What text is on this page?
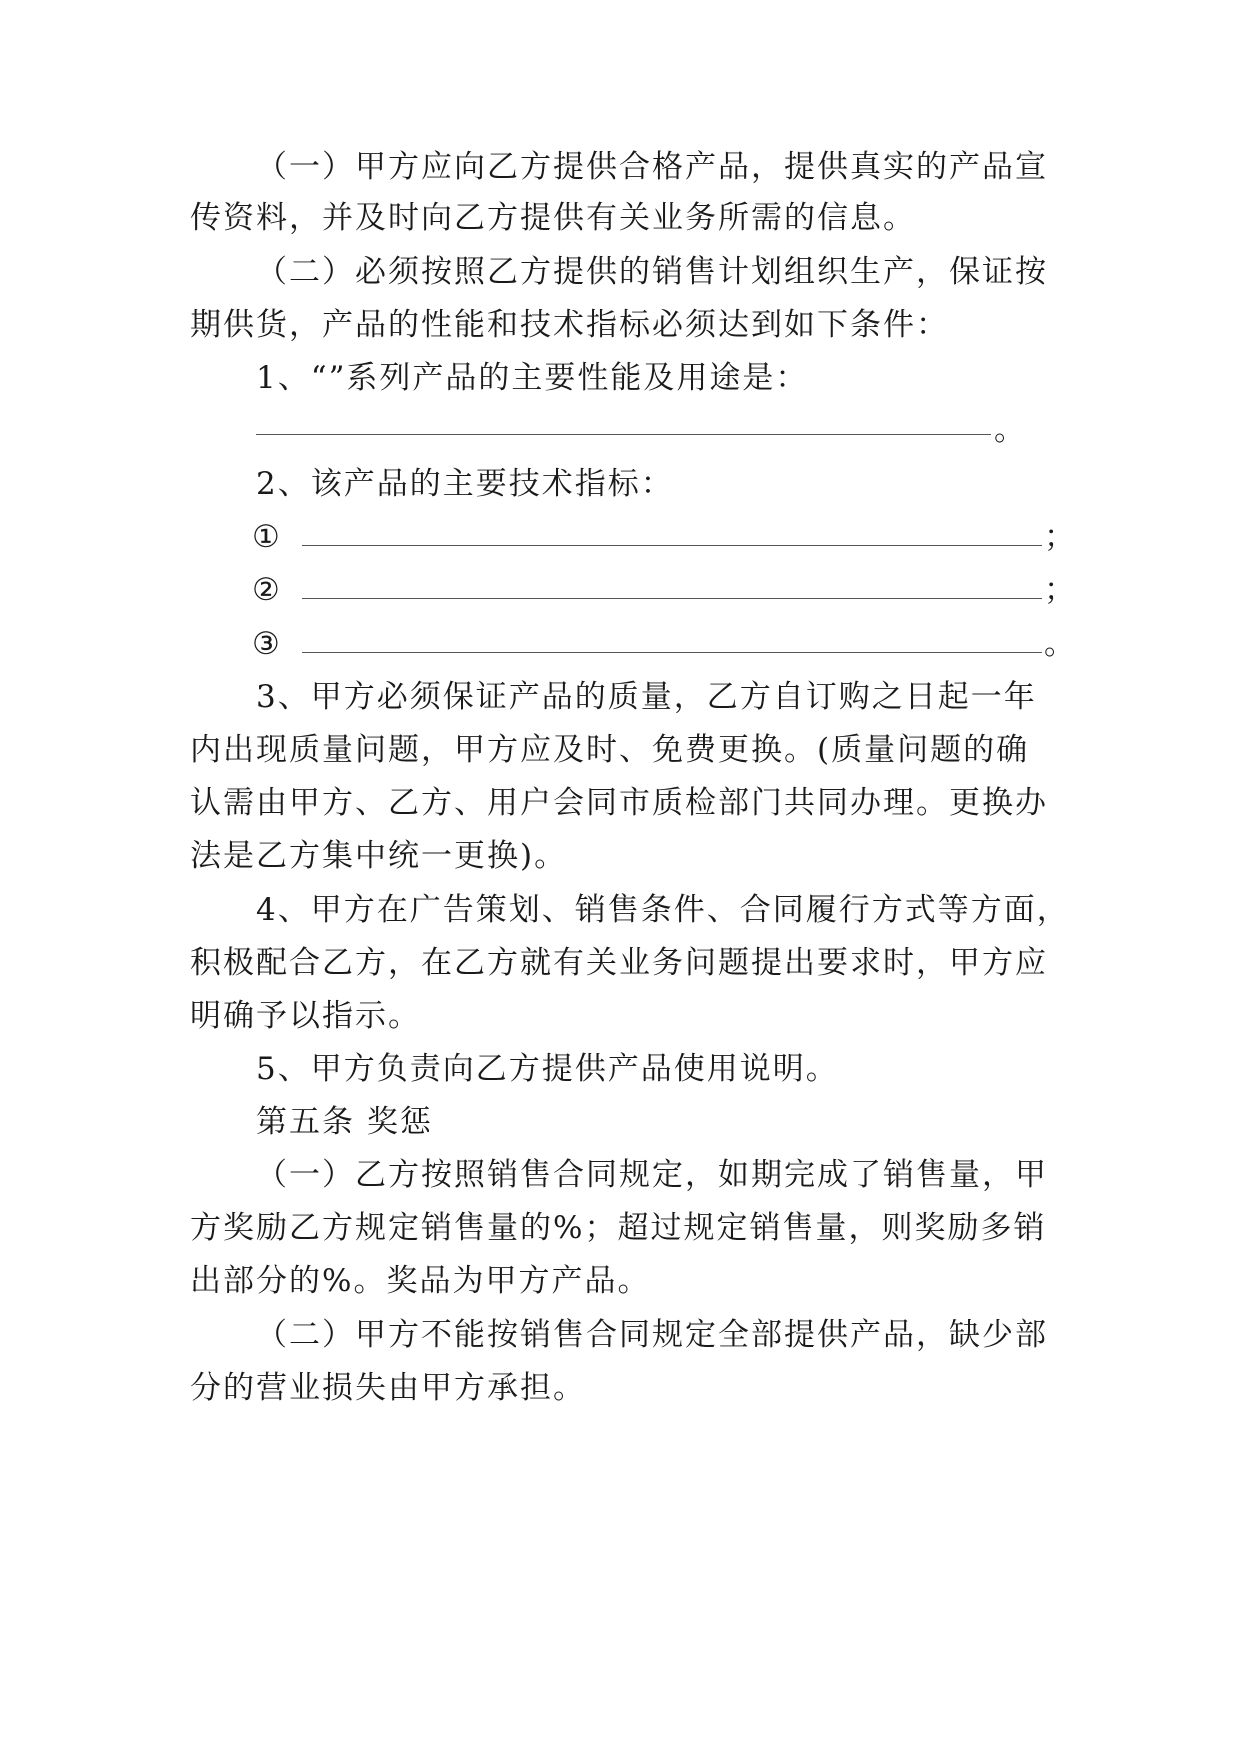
（一）甲方应向乙方提供合格产品，提供真实的产品宣
传资料，并及时向乙方提供有关业务所需的信息。
（二）必须按照乙方提供的销售计划组织生产，保证按
期供货，产品的性能和技术指标必须达到如下条件：
1、“”系列产品的主要性能及用途是：
。
2、该产品的主要技术指标：
①	；
②	；
③	。
3、甲方必须保证产品的质量，乙方自订购之日起一年
内出现质量问题，甲方应及时、免费更换。(质量问题的确
认需由甲方、乙方、用户会同市质检部门共同办理。更换办
法是乙方集中统一更换)。
4、甲方在广告策划、销售条件、合同履行方式等方面，
积极配合乙方，在乙方就有关业务问题提出要求时，甲方应
明确予以指示。
5、甲方负责向乙方提供产品使用说明。
第五条 奖惩
（一）乙方按照销售合同规定，如期完成了销售量，甲
方奖励乙方规定销售量的%；超过规定销售量，则奖励多销
出部分的%。奖品为甲方产品。
（二）甲方不能按销售合同规定全部提供产品，缺少部
分的营业损失由甲方承担。
